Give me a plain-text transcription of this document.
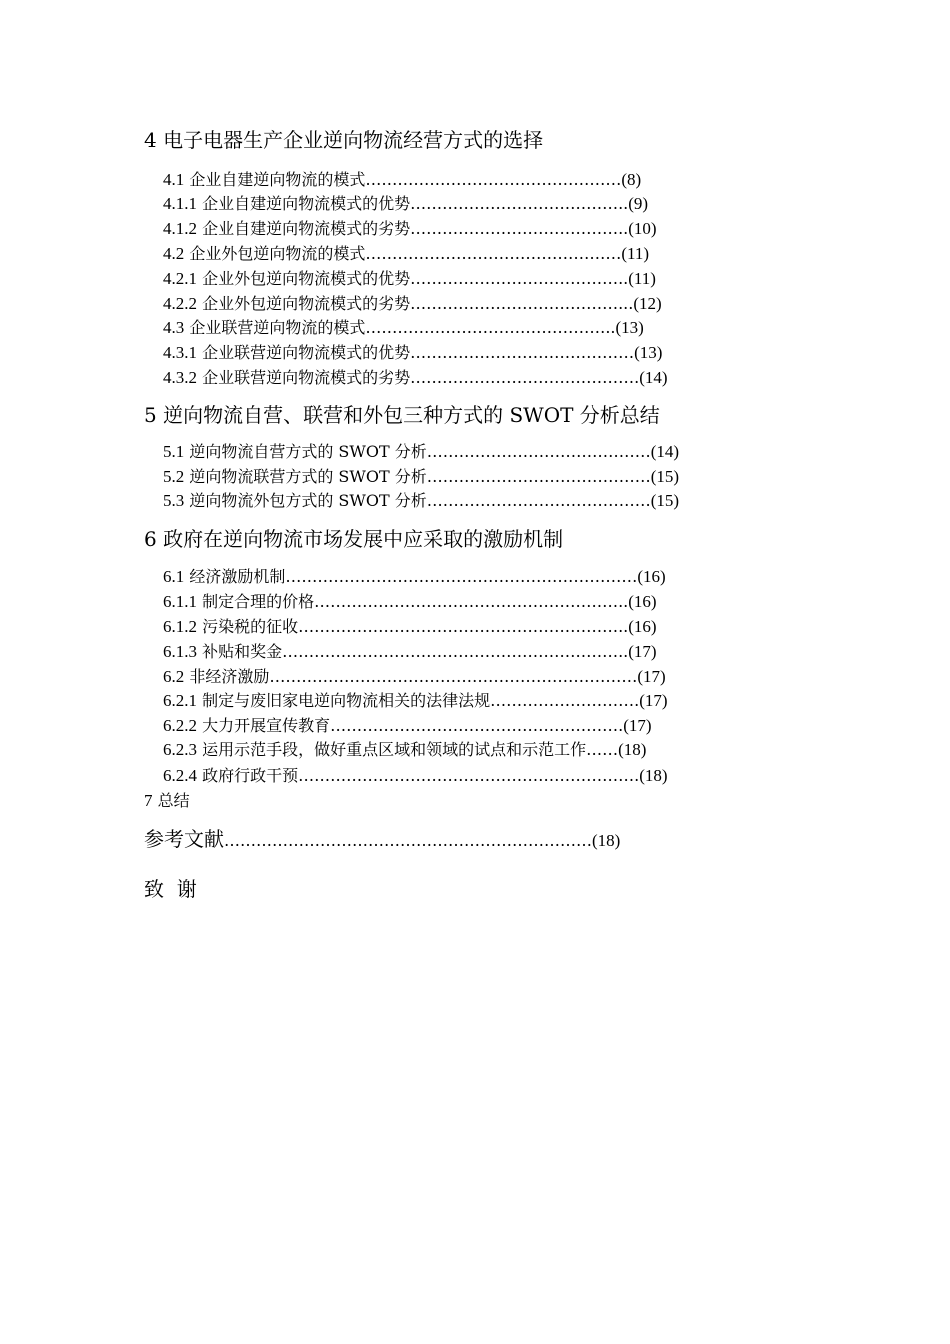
4 电子电器生产企业逆向物流经营方式的选择
4.1 企业自建逆向物流的模式…………………………………………(8)
4.1.1 企业自建逆向物流模式的优势…………………………………..(9)
4.1.2 企业自建逆向物流模式的劣势…………………………………..(10)
4.2 企业外包逆向物流的模式…………………………………………(11)
4.2.1 企业外包逆向物流模式的优势…………………………………..(11)
4.2.2 企业外包逆向物流模式的劣势…………………………………...(12)
4.3 企业联营逆向物流的模式………………………………………..(13)
4.3.1 企业联营逆向物流模式的优势……………………………………(13)
4.3.2 企业联营逆向物流模式的劣势…………………………………….(14)
5 逆向物流自营、联营和外包三种方式的 SWOT 分析总结
5.1 逆向物流自营方式的 SWOT 分析……………………………………(14)
5.2 逆向物流联营方式的 SWOT 分析……………………………………(15)
5.3 逆向物流外包方式的 SWOT 分析……………………………………(15)
6 政府在逆向物流市场发展中应采取的激励机制
6.1 经济激励机制…………………………………………………………(16)
6.1.1 制定合理的价格…………………………………………………..(16)
6.1.2 污染税的征收……………………………………………………..(16)
6.1.3 补贴和奖金………………………………………………………..(17)
6.2 非经济激励……………………………………………………………(17)
6.2.1 制定与废旧家电逆向物流相关的法律法规……………………….(17)
6.2.2 大力开展宣传教育……………………………………………….(17)
6.2.3 运用示范手段，做好重点区域和领域的试点和示范工作……(18)
6.2.4 政府行政干预……………………………………………………….(18)
7 总结
参考文献……………………………………………………………(18)
致  谢
